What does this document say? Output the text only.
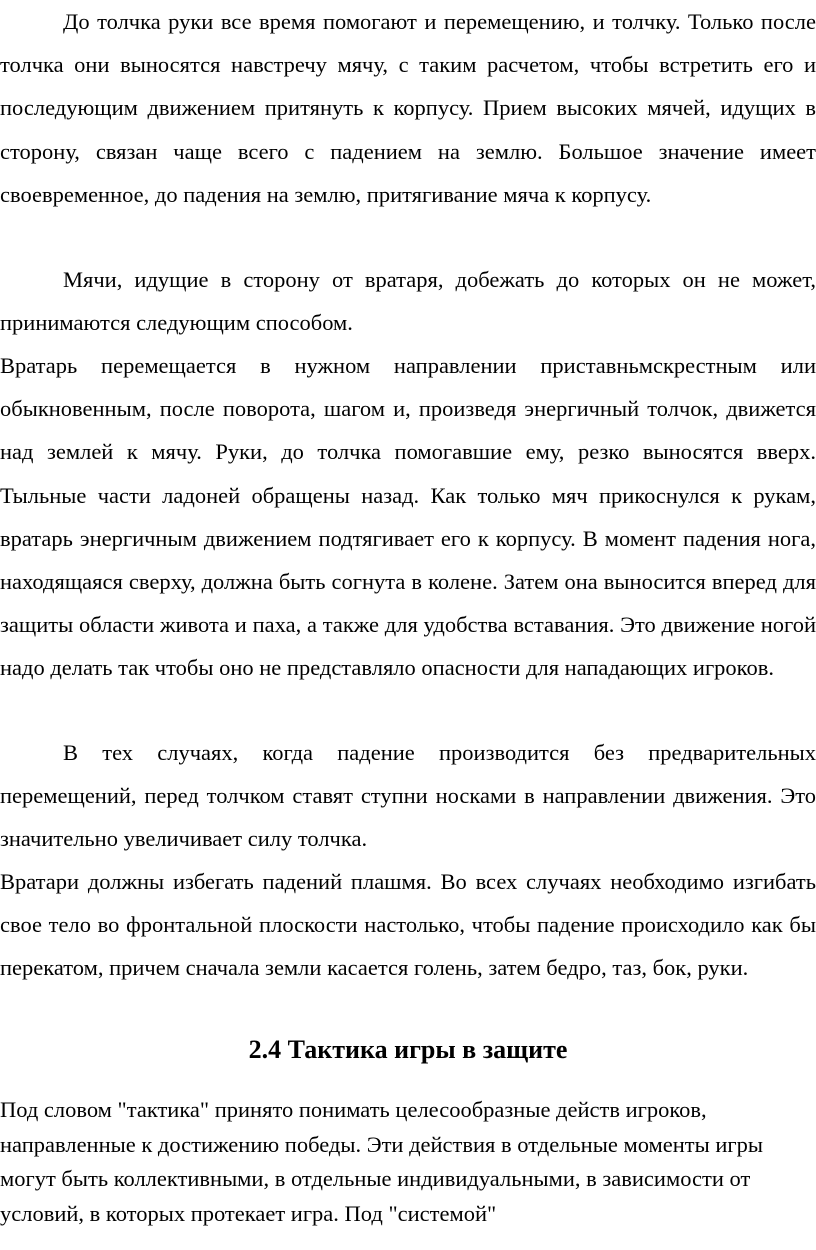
До толчка руки все время помогают и перемещению, и толчку. Только после толчка они выносятся навстречу мячу, с таким расчетом, чтобы встретить его и последующим движением притянуть к корпусу. Прием высоких мячей, идущих в сторону, связан чаще всего с падением на землю. Большое значение имеет своевременное, до падения на землю, притягивание мяча к корпусу.

Мячи, идущие в сторону от вратаря, добежать до которых он не может, принимаются следующим способом.

Вратарь перемещается в нужном направлении приставньмскрестным или обыкновенным, после поворота, шагом и, произведя энергичный толчок, движется над землей к мячу. Руки, до толчка помогавшие ему, резко выносятся вверх. Тыльные части ладоней обращены назад. Как только мяч прикоснулся к рукам, вратарь энергичным движением подтягивает его к корпусу. В момент падения нога, находящаяся сверху, должна быть согнута в колене. Затем она выносится вперед для защиты области живота и паха, а также для удобства вставания. Это движение ногой надо делать так чтобы оно не представляло опасности для нападающих игроков.

В тех случаях, когда падение производится без предварительных перемещений, перед толчком ставят ступни носками в направлении движения. Это значительно увеличивает силу толчка.

Вратари должны избегать падений плашмя. Во всех случаях необходимо изгибать свое тело во фронтальной плоскости настолько, чтобы падение происходило как бы перекатом, причем сначала земли касается голень, затем бедро, таз, бок, руки.

2.4 Тактика игры в защите

Под словом "тактика" принято понимать целесообразные действ игроков, направленные к достижению победы. Эти действия в отдельные моменты игры могут быть коллективными, в отдельные индивидуальными, в зависимости от условий, в которых протекает игра. Под "системой"
